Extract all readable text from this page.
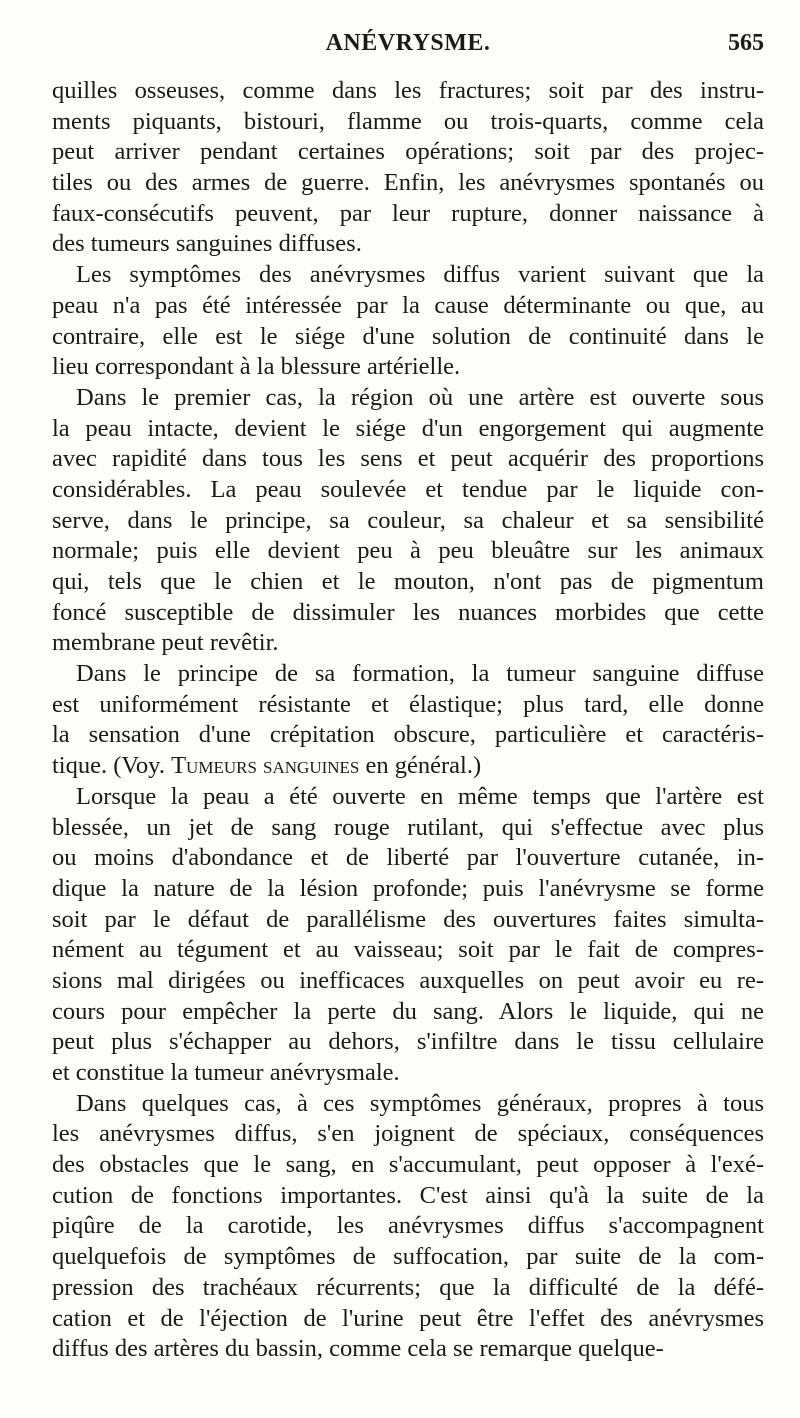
ANÉVRYSME.	565
quilles osseuses, comme dans les fractures; soit par des instru-
ments piquants, bistouri, flamme ou trois-quarts, comme cela
peut arriver pendant certaines opérations; soit par des projec-
tiles ou des armes de guerre. Enfin, les anévrysmes spontanés ou
faux-consécutifs peuvent, par leur rupture, donner naissance à
des tumeurs sanguines diffuses.
Les symptômes des anévrysmes diffus varient suivant que la
peau n'a pas été intéressée par la cause déterminante ou que, au
contraire, elle est le siége d'une solution de continuité dans le
lieu correspondant à la blessure artérielle.
Dans le premier cas, la région où une artère est ouverte sous
la peau intacte, devient le siége d'un engorgement qui augmente
avec rapidité dans tous les sens et peut acquérir des proportions
considérables. La peau soulevée et tendue par le liquide con-
serve, dans le principe, sa couleur, sa chaleur et sa sensibilité
normale; puis elle devient peu à peu bleuâtre sur les animaux
qui, tels que le chien et le mouton, n'ont pas de pigmentum
foncé susceptible de dissimuler les nuances morbides que cette
membrane peut revêtir.
Dans le principe de sa formation, la tumeur sanguine diffuse
est uniformément résistante et élastique; plus tard, elle donne
la sensation d'une crépitation obscure, particulière et caractéris-
tique. (Voy. Tumeurs sanguines en général.)
Lorsque la peau a été ouverte en même temps que l'artère est
blessée, un jet de sang rouge rutilant, qui s'effectue avec plus
ou moins d'abondance et de liberté par l'ouverture cutanée, in-
dique la nature de la lésion profonde; puis l'anévrysme se forme
soit par le défaut de parallélisme des ouvertures faites simulta-
nément au tégument et au vaisseau; soit par le fait de compres-
sions mal dirigées ou inefficaces auxquelles on peut avoir eu re-
cours pour empêcher la perte du sang. Alors le liquide, qui ne
peut plus s'échapper au dehors, s'infiltre dans le tissu cellulaire
et constitue la tumeur anévrysmale.
Dans quelques cas, à ces symptômes généraux, propres à tous
les anévrysmes diffus, s'en joignent de spéciaux, conséquences
des obstacles que le sang, en s'accumulant, peut opposer à l'exé-
cution de fonctions importantes. C'est ainsi qu'à la suite de la
piqûre de la carotide, les anévrysmes diffus s'accompagnent
quelquefois de symptômes de suffocation, par suite de la com-
pression des trachéaux récurrents; que la difficulté de la défé-
cation et de l'éjection de l'urine peut être l'effet des anévrysmes
diffus des artères du bassin, comme cela se remarque quelque-
